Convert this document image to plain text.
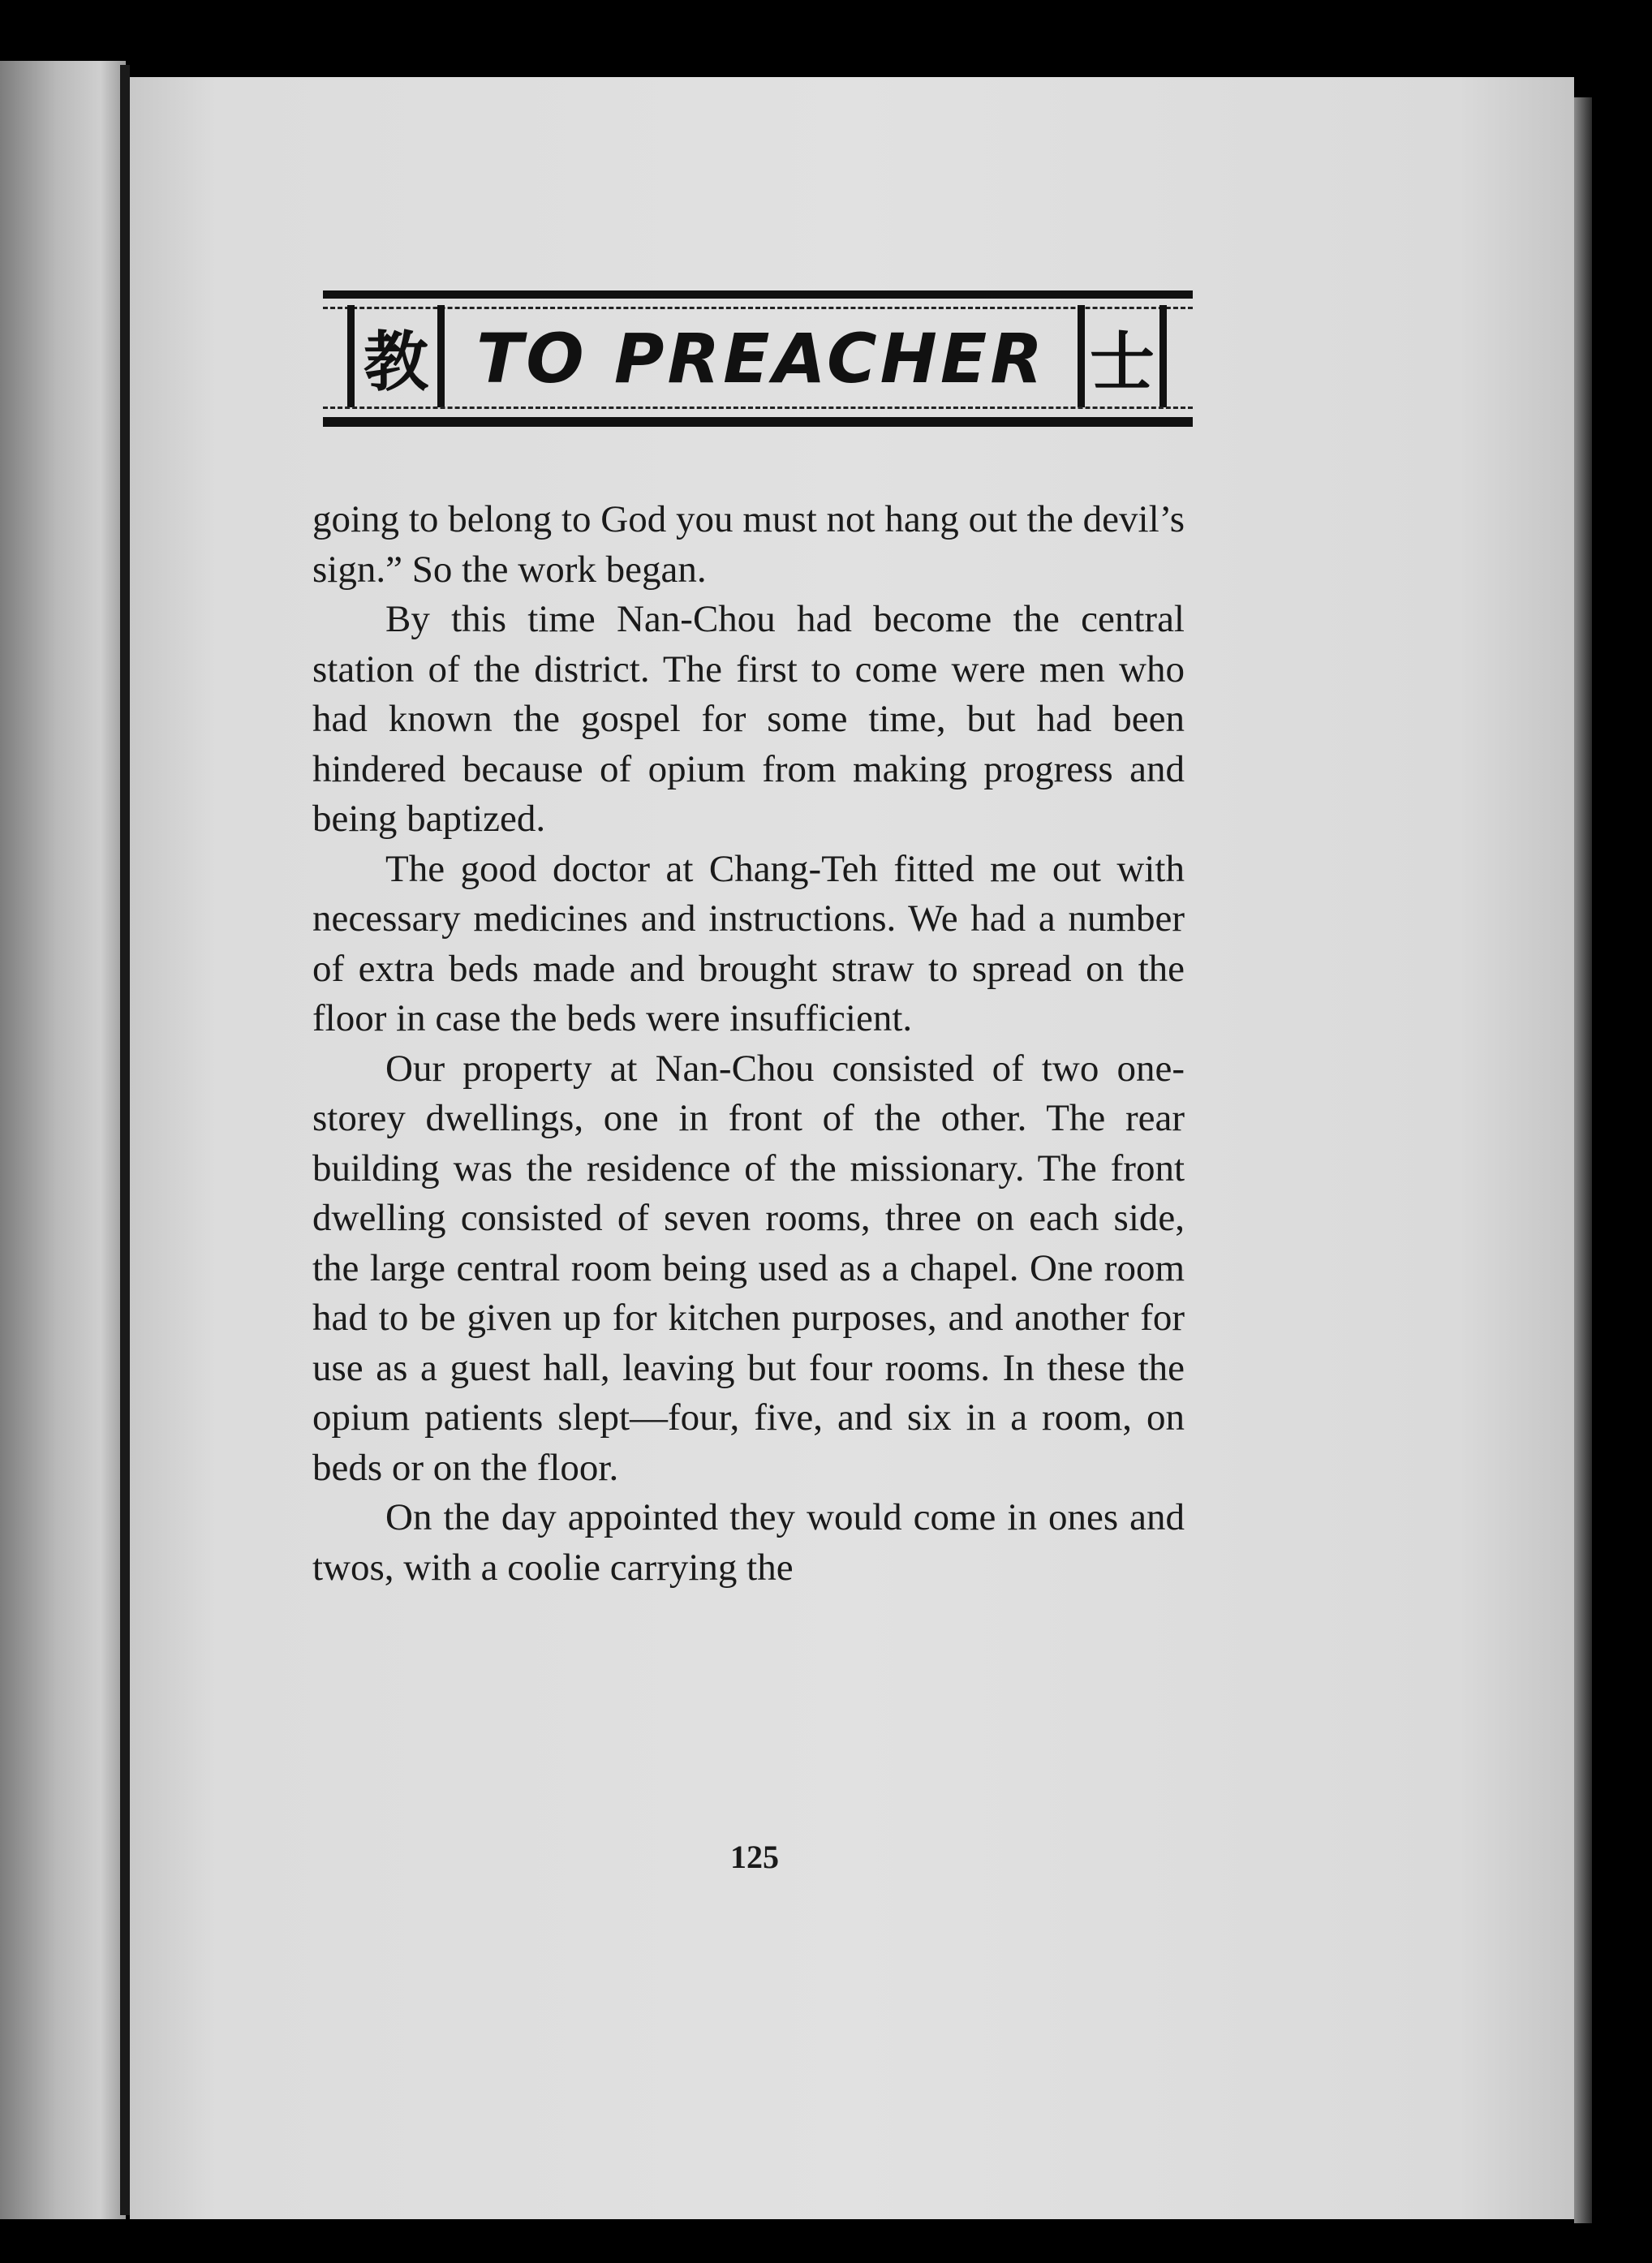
教 TO PREACHER 士

going to belong to God you must not hang out the devil’s sign.” So the work began.

By this time Nan-Chou had become the central station of the district. The first to come were men who had known the gospel for some time, but had been hindered because of opium from making progress and being baptized.

The good doctor at Chang-Teh fitted me out with necessary medicines and instructions. We had a number of extra beds made and brought straw to spread on the floor in case the beds were insufficient.

Our property at Nan-Chou consisted of two one-storey dwellings, one in front of the other. The rear building was the residence of the missionary. The front dwelling consisted of seven rooms, three on each side, the large central room being used as a chapel. One room had to be given up for kitchen purposes, and another for use as a guest hall, leaving but four rooms. In these the opium patients slept—four, five, and six in a room, on beds or on the floor.

On the day appointed they would come in ones and twos, with a coolie carrying the

125
